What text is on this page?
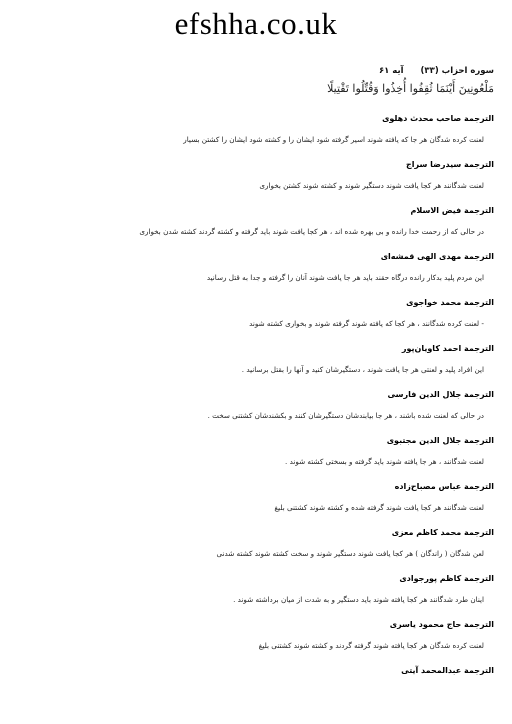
efshha.co.uk
سوره احزاب (۳۳) آیه ۶۱
مَلْعُونِينَ أَيْنَمَا ثُقِفُوا أُخِذُوا وَقُتِّلُوا تَقْتِيلًا
الترجمة صاحب محدث دهلوی
لعنت کرده شدگان هر جا که یافته شوند اسیر گرفته شود ایشان را و کشته شود ایشان را کشتن بسیار
الترجمة سیدرضا سراج
لعنت شدگانند هر کجا یافت شوند دستگیر شوند و کشته شوند کشتن بخواری
الترجمة فیض الاسلام
در حالی که از رحمت خدا رانده و بی بهره شده اند ، هر کجا یافت شوند باید گرفته و کشته گردند کشته شدن بخواری
الترجمة مهدی الهی قمشه‌ای
این مردم پلید بدکار رانده درگاه حقند باید هر جا یافت شوند آنان را گرفته و جدا به قتل رسانید
الترجمة محمد خواجوی
- لعنت کرده شدگانند ، هر کجا که یافته شوند گرفته شوند و بخواری کشته شوند
الترجمة احمد کاویان‌پور
این افراد پلید و لعنتی هر جا یافت شوند ، دستگیرشان کنید و آنها را بقتل برسانید .
الترجمة جلال الدین فارسی
در حالی که لعنت شده باشند ، هر جا بیابندشان دستگیرشان کنند و بکشندشان کشتنی سخت .
الترجمة جلال الدین مجتبوی
لعنت شدگانند ، هر جا یافته شوند باید گرفته و بسختی کشته شوند .
الترجمة عباس مصباح‌زاده
لعنت شدگانند هر کجا یافت شوند گرفته شده و کشته شوند کشتنی بلیغ
الترجمة محمد کاظم معزی
لعن شدگان ( راندگان ) هر کجا یافت شوند دستگیر شوند و سخت کشته شوند کشته شدنی
الترجمة کاظم پورجوادی
اینان طرد شدگانند هر کجا یافته شوند باید دستگیر و به شدت از میان برداشته شوند .
الترجمة حاج محمود یاسری
لعنت کرده شدگان هر کجا یافته شوند گرفته گردند و کشته شوند کشتنی بلیغ
الترجمة عبدالمحمد آیتی
